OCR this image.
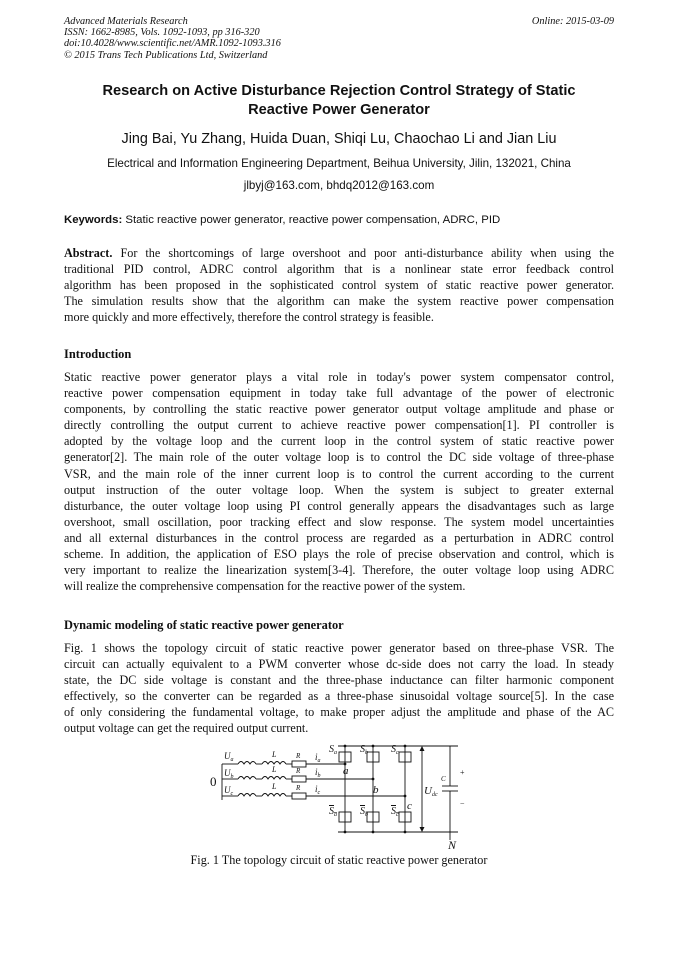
Advanced Materials Research
ISSN: 1662-8985, Vols. 1092-1093, pp 316-320
doi:10.4028/www.scientific.net/AMR.1092-1093.316
© 2015 Trans Tech Publications Ltd, Switzerland
Online: 2015-03-09
Research on Active Disturbance Rejection Control Strategy of Static
Reactive Power Generator
Jing Bai, Yu Zhang, Huida Duan, Shiqi Lu, Chaochao Li and Jian Liu
Electrical and Information Engineering Department, Beihua University, Jilin, 132021, China
jlbyj@163.com, bhdq2012@163.com
Keywords: Static reactive power generator, reactive power compensation, ADRC, PID
Abstract. For the shortcomings of large overshoot and poor anti-disturbance ability when using the
traditional PID control, ADRC control algorithm that is a nonlinear state error feedback control
algorithm has been proposed in the sophisticated control system of static reactive power generator.
The simulation results show that the algorithm can make the system reactive power compensation
more quickly and more effectively, therefore the control strategy is feasible.
Introduction
Static reactive power generator plays a vital role in today's power system compensator control,
reactive power compensation equipment in today take full advantage of the power of electronic
components, by controlling the static reactive power generator output voltage amplitude and phase or
directly controlling the output current to achieve reactive power compensation[1]. PI controller is
adopted by the voltage loop and the current loop in the control system of static reactive power
generator[2]. The main role of the outer voltage loop is to control the DC side voltage of three-phase
VSR, and the main role of the inner current loop is to control the current according to the current
output instruction of the outer voltage loop. When the system is subject to greater external
disturbance, the outer voltage loop using PI control generally appears the disadvantages such as large
overshoot, small oscillation, poor tracking effect and slow response. The system model uncertainties
and all external disturbances in the control process are regarded as a perturbation in ADRC control
scheme. In addition, the application of ESO plays the role of precise observation and control, which is
very important to realize the linearization system[3-4]. Therefore, the outer voltage loop using ADRC
will realize the comprehensive compensation for the reactive power of the system.
Dynamic modeling of static reactive power generator
Fig. 1 shows the topology circuit of static reactive power generator based on three-phase VSR. The
circuit can actually equivalent to a PWM converter whose dc-side does not carry the load. In steady
state, the DC side voltage is constant and the three-phase inductance can filter harmonic component
effectively, so the converter can be regarded as a three-phase sinusoidal voltage source[5]. In the case
of only considering the fundamental voltage, to make proper adjust the amplitude and phase of the AC
output voltage can get the required output current.
0
$U_a$
$U_b$
$U_c$
L
L
L
R
R
R
$i_a$
$i_b$
$i_c$
$S_a$ $S_b$ $S_c$
$S_a$ $S_b$ $S_c$
a
b
c
Udc
C
+
−
N
Fig. 1 The topology circuit of static reactive power generator
